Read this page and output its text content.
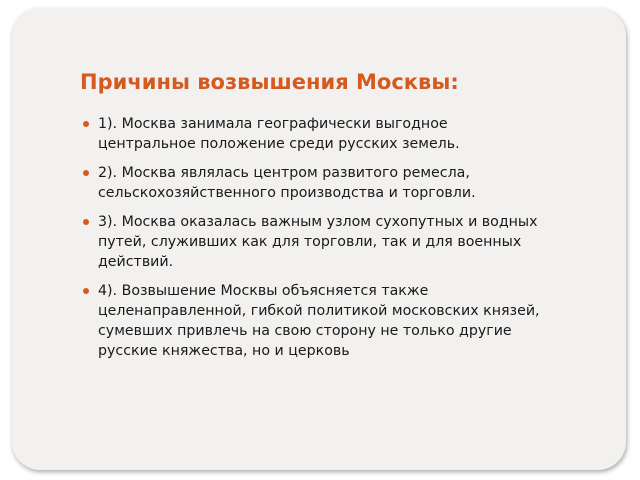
Причины возвышения Москвы:
1). Москва занимала географически выгодное
центральное положение среди русских земель.
2). Москва являлась центром развитого ремесла,
сельскохозяйственного производства и торговли.
3). Москва оказалась важным узлом сухопутных и водных
путей, служивших как для торговли, так и для военных
действий.
4). Возвышение Москвы объясняется также
целенаправленной, гибкой политикой московских князей,
сумевших привлечь на свою сторону не только другие
русские княжества, но и церковь
